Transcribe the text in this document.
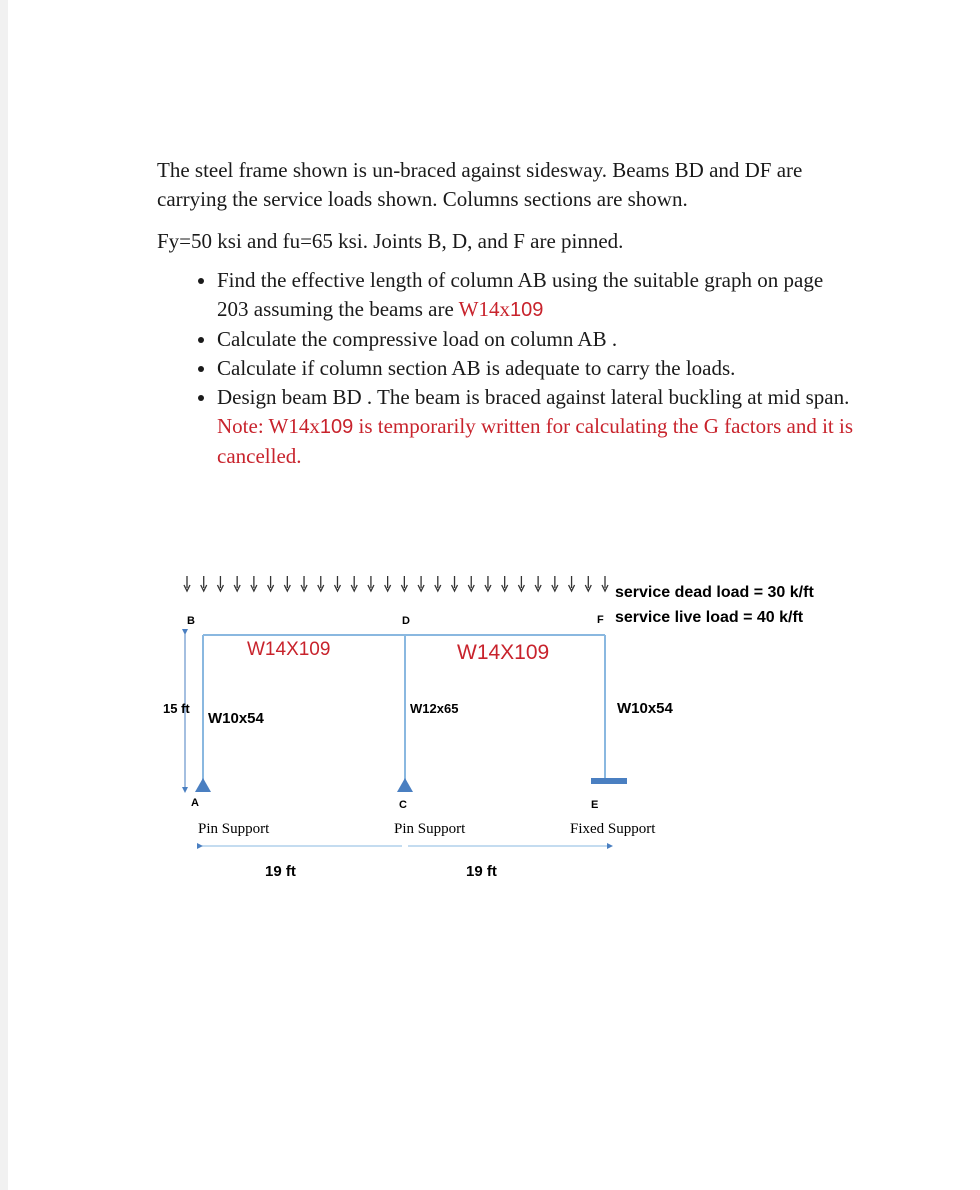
The steel frame shown is un-braced against sidesway. Beams BD and DF are carrying the service loads shown. Columns sections are shown.

Fy=50 ksi and fu=65 ksi. Joints B, D, and F are pinned.

• Find the effective length of column AB using the suitable graph on page 203 assuming the beams are W14x109
• Calculate the compressive load on column AB .
• Calculate if column section AB is adequate to carry the loads.
• Design beam BD . The beam is braced against lateral buckling at mid span. Note: W14x109 is temporarily written for calculating the G factors and it is cancelled.
service dead load = 30 k/ft
service live load = 40 k/ft
15 ft
B	D	F
A	C	E
W14X109	W14X109
W10x54
W12x65	W10x54
Pin Support	Pin Support	Fixed Support
19 ft	19 ft
